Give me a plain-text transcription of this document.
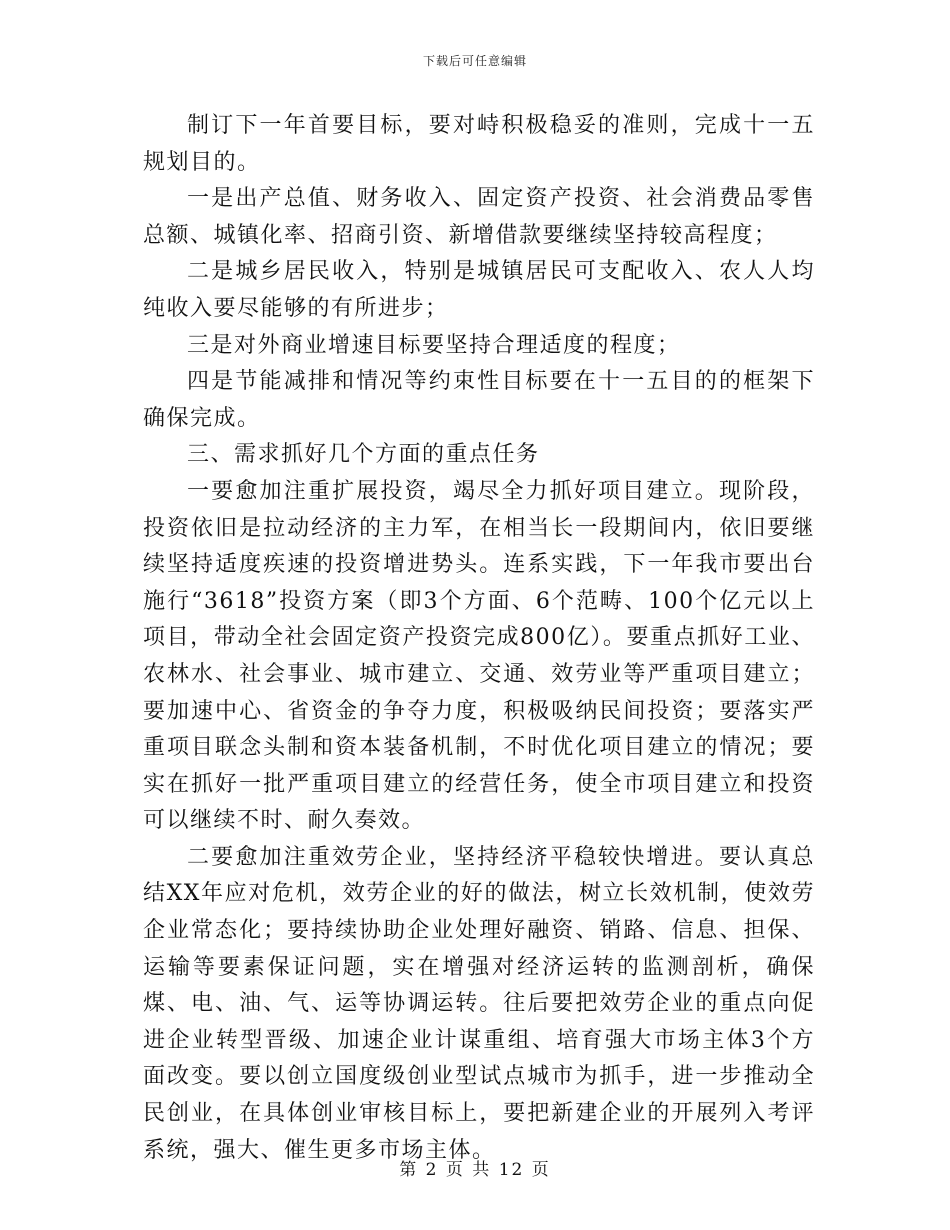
下载后可任意编辑

制订下一年首要目标，要对峙积极稳妥的准则，完成十一五规划目的。

一是出产总值、财务收入、固定资产投资、社会消费品零售总额、城镇化率、招商引资、新增借款要继续坚持较高程度；

二是城乡居民收入，特别是城镇居民可支配收入、农人人均纯收入要尽能够的有所进步；

三是对外商业增速目标要坚持合理适度的程度；

四是节能减排和情况等约束性目标要在十一五目的的框架下确保完成。

三、需求抓好几个方面的重点任务

一要愈加注重扩展投资，竭尽全力抓好项目建立。现阶段，投资依旧是拉动经济的主力军，在相当长一段期间内，依旧要继续坚持适度疾速的投资增进势头。连系实践，下一年我市要出台施行“3618”投资方案（即3个方面、6个范畴、100个亿元以上项目，带动全社会固定资产投资完成800亿）。要重点抓好工业、农林水、社会事业、城市建立、交通、效劳业等严重项目建立；要加速中心、省资金的争夺力度，积极吸纳民间投资；要落实严重项目联念头制和资本装备机制，不时优化项目建立的情况；要实在抓好一批严重项目建立的经营任务，使全市项目建立和投资可以继续不时、耐久奏效。

二要愈加注重效劳企业，坚持经济平稳较快增进。要认真总结XX年应对危机，效劳企业的好的做法，树立长效机制，使效劳企业常态化；要持续协助企业处理好融资、销路、信息、担保、运输等要素保证问题，实在增强对经济运转的监测剖析，确保煤、电、油、气、运等协调运转。往后要把效劳企业的重点向促进企业转型晋级、加速企业计谋重组、培育强大市场主体3个方面改变。要以创立国度级创业型试点城市为抓手，进一步推动全民创业，在具体创业审核目标上，要把新建企业的开展列入考评系统，强大、催生更多市场主体。

第 2 页 共 12 页
